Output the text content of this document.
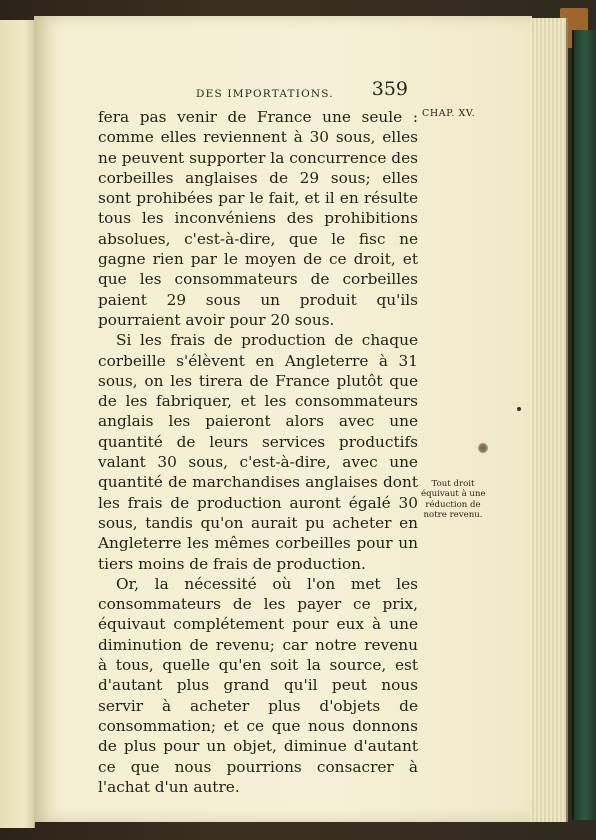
DES IMPORTATIONS. 359
CHAP. XV.

fera pas venir de France une seule : comme elles reviennent à 30 sous, elles ne peuvent supporter la concurrence des corbeilles anglaises de 29 sous; elles sont prohibées par le fait, et il en résulte tous les inconvéniens des prohibitions absolues, c'est-à-dire, que le fisc ne gagne rien par le moyen de ce droit, et que les consommateurs de corbeilles paient 29 sous un produit qu'ils pourraient avoir pour 20 sous.

Si les frais de production de chaque corbeille s'élèvent en Angleterre à 31 sous, on les tirera de France plutôt que de les fabriquer, et les consommateurs anglais les paieront alors avec une quantité de leurs services productifs valant 30 sous, c'est-à-dire, avec une quantité de marchandises anglaises dont les frais de production auront égalé 30 sous, tandis qu'on aurait pu acheter en Angleterre les mêmes corbeilles pour un tiers moins de frais de production.

Or, la nécessité où l'on met les consommateurs de les payer ce prix, équivaut complétement pour eux à une diminution de revenu; car notre revenu à tous, quelle qu'en soit la source, est d'autant plus grand qu'il peut nous servir à acheter plus d'objets de consommation; et ce que nous donnons de plus pour un objet, diminue d'autant ce que nous pourrions consacrer à l'achat d'un autre.

Tout droit
équivaut à une
réduction de
notre revenu.
